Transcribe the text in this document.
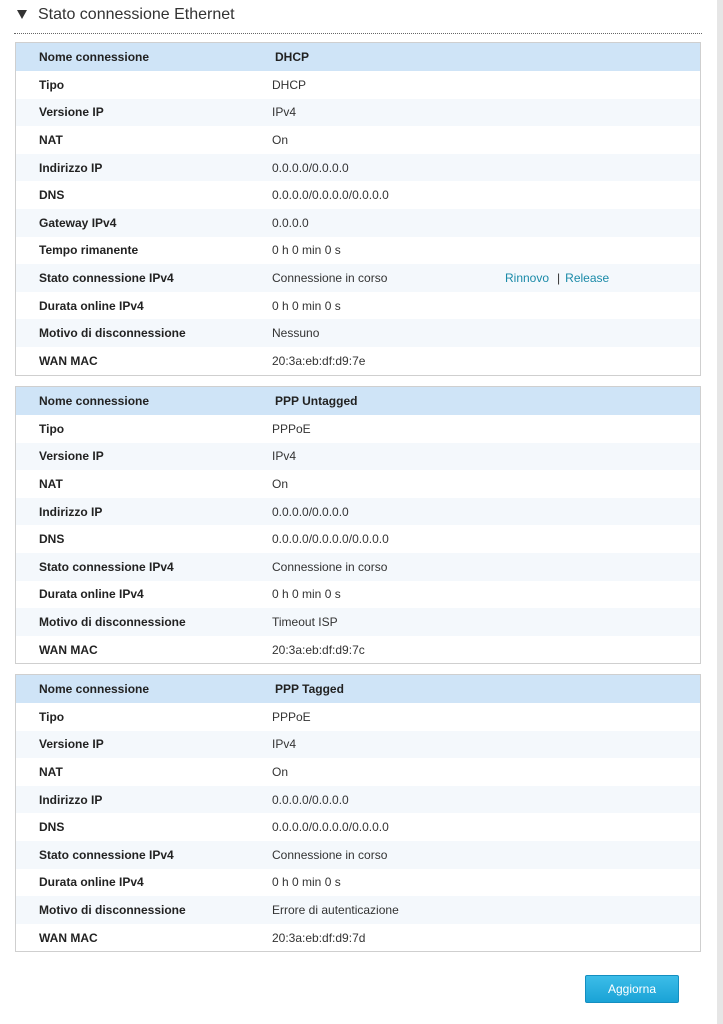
Stato connessione Ethernet
Nome connessione	DHCP
Tipo	DHCP
Versione IP	IPv4
NAT	On
Indirizzo IP	0.0.0.0/0.0.0.0
DNS	0.0.0.0/0.0.0.0/0.0.0.0
Gateway IPv4	0.0.0.0
Tempo rimanente	0 h 0 min 0 s
Stato connessione IPv4	Connessione in corso	Rinnovo | Release
Durata online IPv4	0 h 0 min 0 s
Motivo di disconnessione	Nessuno
WAN MAC	20:3a:eb:df:d9:7e
Nome connessione	PPP Untagged
Tipo	PPPoE
Versione IP	IPv4
NAT	On
Indirizzo IP	0.0.0.0/0.0.0.0
DNS	0.0.0.0/0.0.0.0/0.0.0.0
Stato connessione IPv4	Connessione in corso
Durata online IPv4	0 h 0 min 0 s
Motivo di disconnessione	Timeout ISP
WAN MAC	20:3a:eb:df:d9:7c
Nome connessione	PPP Tagged
Tipo	PPPoE
Versione IP	IPv4
NAT	On
Indirizzo IP	0.0.0.0/0.0.0.0
DNS	0.0.0.0/0.0.0.0/0.0.0.0
Stato connessione IPv4	Connessione in corso
Durata online IPv4	0 h 0 min 0 s
Motivo di disconnessione	Errore di autenticazione
WAN MAC	20:3a:eb:df:d9:7d
Aggiorna
